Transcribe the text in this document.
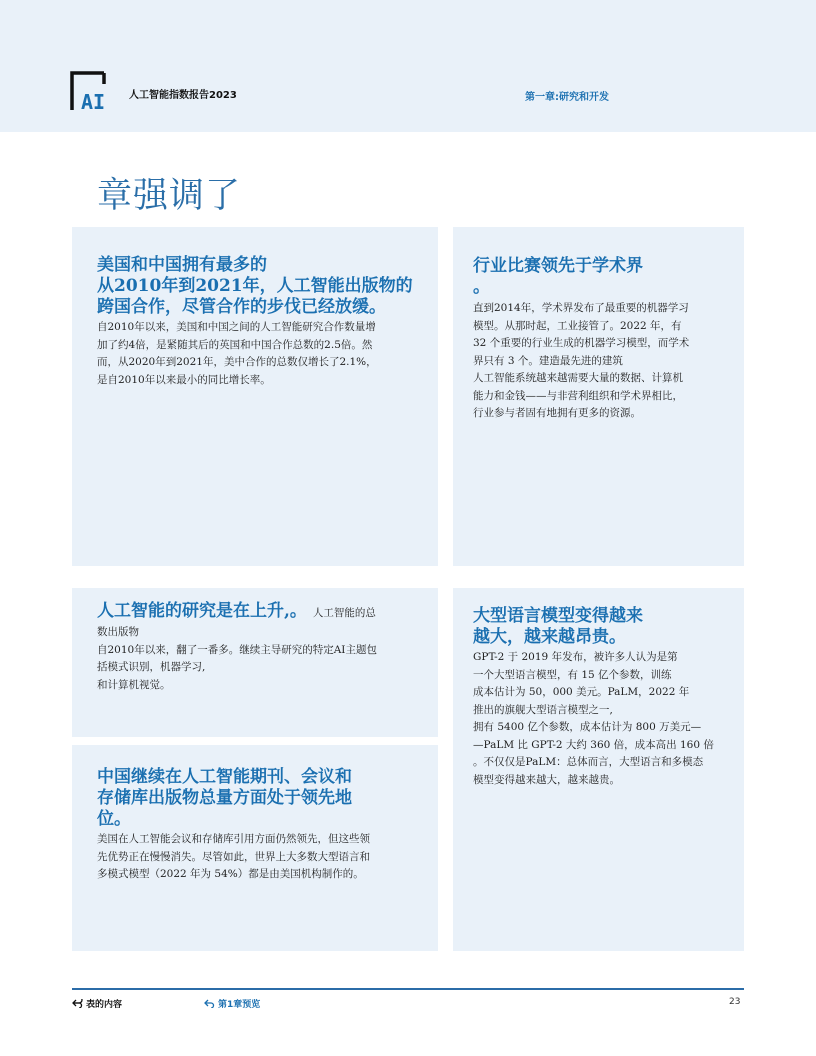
AI 人工智能指数报告2023	第一章:研究和开发
章强调了
美国和中国拥有最多的
从2010年到2021年，人工智能出版物的
跨国合作，尽管合作的步伐已经放缓。

自2010年以来，美国和中国之间的人工智能研究合作数量增
加了约4倍，是紧随其后的英国和中国合作总数的2.5倍。然
而，从2020年到2021年，美中合作的总数仅增长了2.1%，
是自2010年以来最小的同比增长率。

行业比赛领先于学术界
。

直到2014年，学术界发布了最重要的机器学习
模型。从那时起，工业接管了。2022 年，有
32 个重要的行业生成的机器学习模型，而学术
界只有 3 个。建造最先进的建筑
人工智能系统越来越需要大量的数据、计算机
能力和金钱——与非营利组织和学术界相比，
行业参与者固有地拥有更多的资源。

人工智能的研究是在上升,。 人工智能的总

数出版物
自2010年以来，翻了一番多。继续主导研究的特定AI主题包
括模式识别，机器学习,
和计算机视觉。

大型语言模型变得越来
越大，越来越昂贵。

GPT-2 于 2019 年发布，被许多人认为是第
一个大型语言模型，有 15 亿个参数，训练
成本估计为 50，000 美元。PaLM，2022 年
推出的旗舰大型语言模型之一,
拥有 5400 亿个参数，成本估计为 800 万美元—
—PaLM 比 GPT-2 大约 360 倍，成本高出 160 倍
。不仅仅是PaLM：总体而言，大型语言和多模态
模型变得越来越大，越来越贵。

中国继续在人工智能期刊、会议和
存储库出版物总量方面处于领先地
位。

美国在人工智能会议和存储库引用方面仍然领先，但这些领
先优势正在慢慢消失。尽管如此，世界上大多数大型语言和
多模式模型（2022 年为 54%）都是由美国机构制作的。

表的内容	第1章预览	23
